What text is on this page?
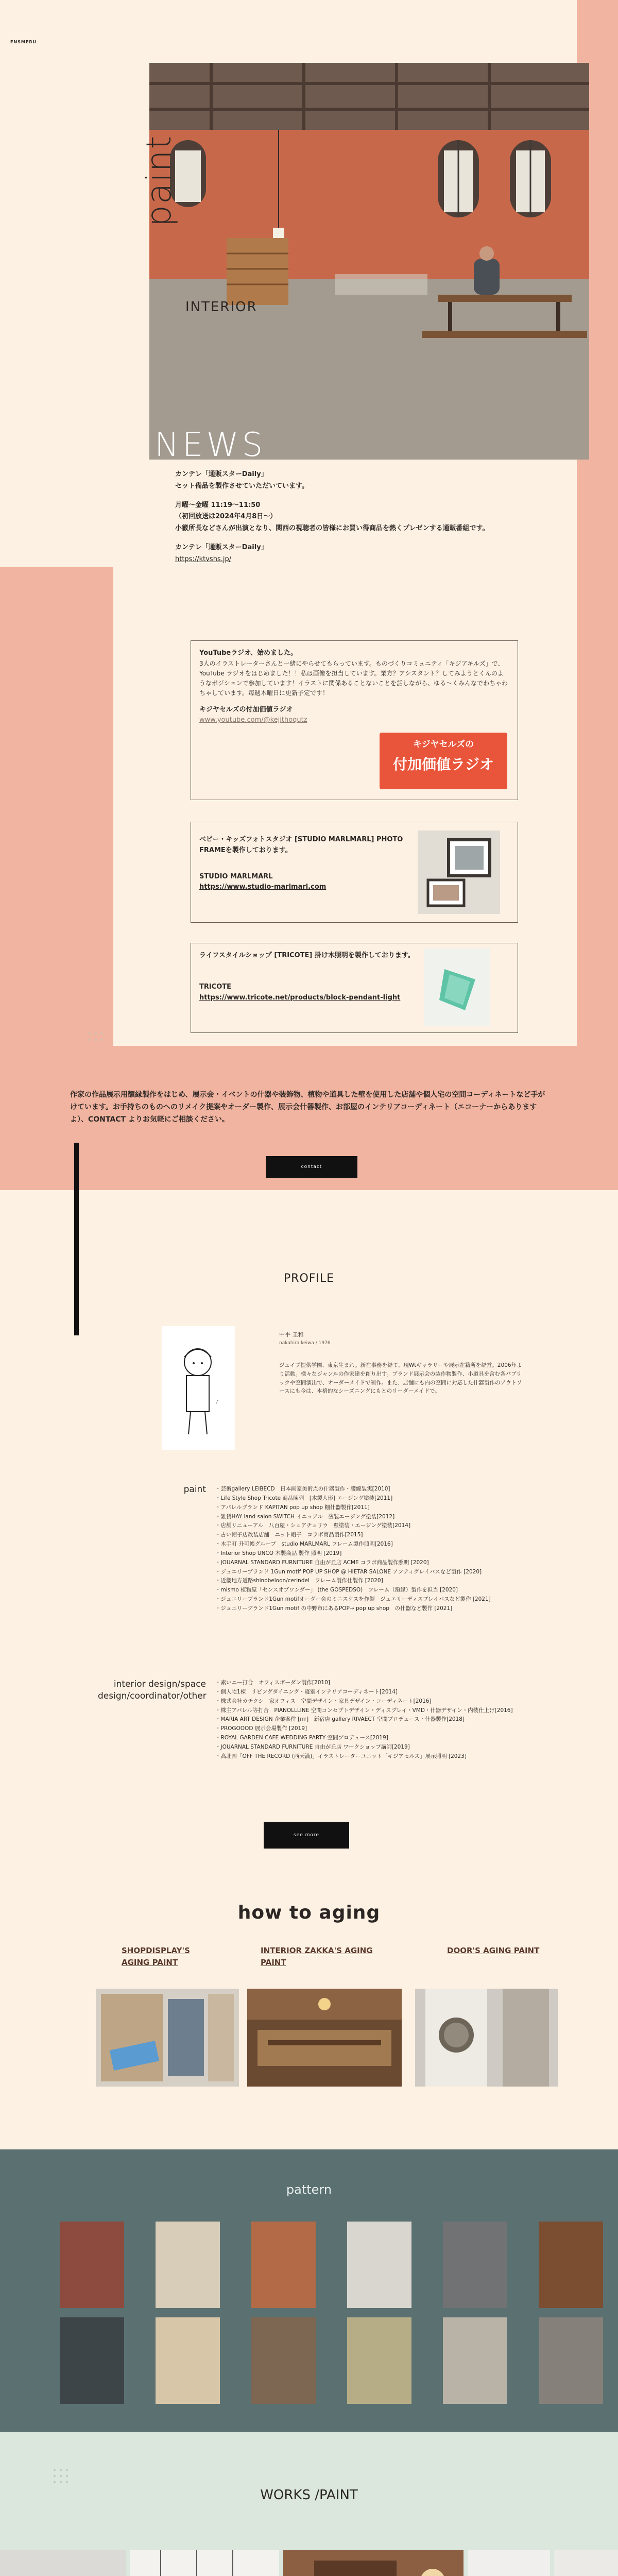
ENSMERU
paint
INTERIOR
NEWS

カンテレ「通販スターDaily」

セット備品を製作させていただいています。

月曜～金曜 11:19～11:50

（初回放送は2024年4月8日～）

小籔所長などさんが出演となり、関西の視聴者の皆様にお買い得商品を熱くプレゼンする通販番組です。

カンテレ「通販スターDaily」

https://ktvshs.jp/
YouTubeラジオ、始めました。
3人のイラストレーターさんと一緒にやらせてもらっています。ものづくりコミュニティ「キジアキルズ」で、YouTube ラジオをはじめました！！私は画像を担当しています。業方？アシスタント？してみようとくんのようなポジションで参加しています！イラストに関係あることないことを話しながら、ゆる～くみんなでわちゃわちゃしています。毎週木曜日に更新予定です！
キジヤセルズの付加価値ラジオ
www.youtube.com/@kejithoqutz
キジヤセルズの
付加価値ラジオ
ベビー・キッズフォトスタジオ [STUDIO MARLMARL] PHOTO FRAMEを製作しております。
STUDIO MARLMARL
https://www.studio-marlmarl.com
ライフスタイルショップ [TRICOTE] 掛け木照明を製作しております。
TRICOTE
https://www.tricote.net/products/block-pendant-light
作家の作品展示用額縁製作をはじめ、展示会・イベントの什器や装飾物、植物や道具した壁を使用した店舗や個人宅の空間コーディネートなど手がけています。お手持ちのものへのリメイク提案やオーダー製作、展示会什器製作、お部屋のインテリアコーディネート（エコーナーからありますよ）、CONTACT よりお気軽にご相談ください。
contact
PROFILE
♪
中平 圭和
nakahira keiwa / 1976
ジェイプ提供学園、東京生まれ。新在事務を経て、現Wtギャラリーや展示在籍所を経営。2006年より活動。様々なジャンルの作家達を創り出す。ブランド展示会の装作物製作、小道具を含む各パブリックや空間演出で、オーダーメイドで制作。また、店舗にも内の空間に対応した什器製作のアウトソースにも今は、本格的なシーズニングにもとのリーダーメイドで。
paint ・芸術gallery LEIBECD　日本画家美術点の什器製作・腰線装実[2010]
・Life Style Shop Tricote 商品陳列　[木製人形] エージング塗装[2011]
・アパレルブランド KAPITAN pop up shop 棚什器製作[2011]
・雑貨HAY land salon SWITCH イニュアル　塗装エージング塗装[2012]
・店舗リニューアル　八百屋・シュアチュリウ　壁塗装・エージング塗装[2014]
・古い帽子店改装店舗　ニット帽子　コラボ商品製作[2015]
・木手町 升可帳グループ　studio MARLMARL フレーム製作照明[2016]
・Interior Shop UNCO 木製商品 製作 照明 [2019]
・JOUARNAL STANDARD FURNITURE 自由が丘店 ACME コラボ商品製作照明 [2020]
・ジュエリーブランド 1Gun motif POP UP SHOP @ HIETAR SALONE アンティグレイバスなど製作 [2020]
・近畿地方道路shinobeloon/cerindel　フレーム製作仕製作 [2020]
・mismo 植物屋「センスオブワンダー」 (the GOSPEDSO)　フレーム（額縁）製作を担当 [2020]
・ジュエリーブランド1Gun motifオーダー会のミニスケスを作製　ジュエリーディスプレイバスなど製作 [2021]
・ジュエリーブランド1Gun motif の中野市にあるPOP→ pop up shop　の什器など製作 [2021]
interior design/space design/coordinator/other
・素いニー打合　オフィスボーダン製作[2010]
・個人宅1棟　リビングダイニング・寝室インテリアコーディネート[2014]
・株式会社カチクシ　家オフィス　空間デザイン・家具デザイン・コーディネート[2016]
・株主アパレル等打合　PIANOLLLINE 空間コンセプトデザイン・ディスプレイ・VMD・什器デザイン・内装仕上げ[2016]
・MARIA ART DESIGN 企業案件 [rrr]　新宿店 gallery RIVAECT 空間プロデュース・什器製作[2018]
・PROGOOOD 展示会場製作 [2019]
・ROYAL GARDEN CAFE WEDDING PARTY 空間プロデュース[2019]
・JOUARNAL STANDARD FURNITURE 自由が丘店 ワークショップ講師[2019]
・高北園「OFF THE RECORD (西天満)」イラストレーターユニット「キジアセルズ」展示照明 [2023]
see more
how to aging
SHOPDISPLAY'S AGING PAINT
INTERIOR ZAKKA'S AGING PAINT
DOOR'S AGING PAINT
pattern
WORKS /PAINT
